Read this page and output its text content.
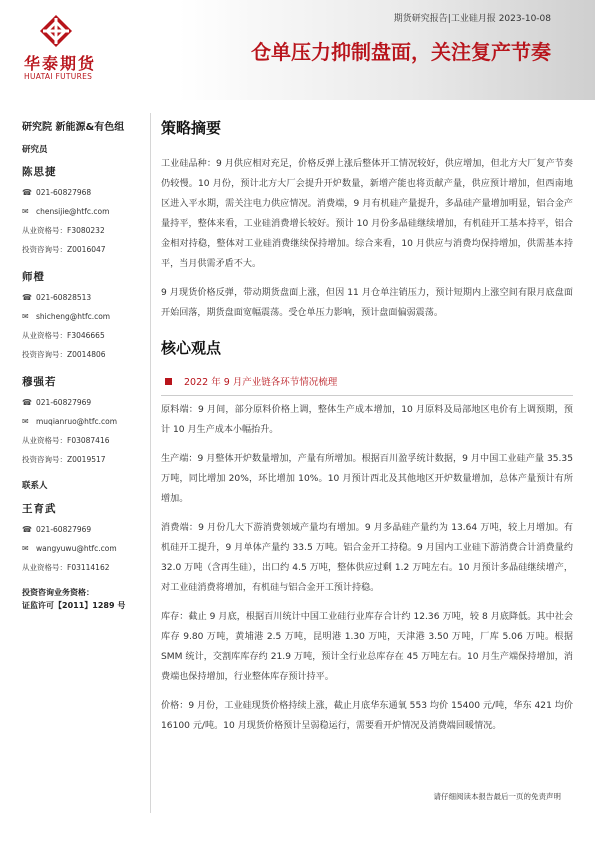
华泰期货
HUATAI FUTURES
期货研究报告|工业硅月报 2023-10-08
仓单压力抑制盘面，关注复产节奏
研究院 新能源&有色组
研究员
陈思捷
☎ 021-60827968
✉ chensijie@htfc.com
从业资格号： F3080232
投资咨询号： Z0016047
师橙
☎ 021-60828513
✉ shicheng@htfc.com
从业资格号： F3046665
投资咨询号： Z0014806
穆强若
☎ 021-60827969
✉ muqianruo@htfc.com
从业资格号： F03087416
投资咨询号： Z0019517
联系人
王育武
☎ 021-60827969
✉ wangyuwu@htfc.com
从业资格号： F03114162
投资咨询业务资格：
证监许可【2011】1289 号
策略摘要

工业硅品种：9 月供应相对充足，价格反弹上涨后整体开工情况较好，供应增加，但北方大厂复产节奏仍较慢。10 月份，预计北方大厂会提升开炉数量，新增产能也将贡献产量，供应预计增加，但西南地区进入平水期，需关注电力供应情况。消费端，9 月有机硅产量提升，多晶硅产量增加明显，铝合金产量持平，整体来看，工业硅消费增长较好。预计 10 月份多晶硅继续增加，有机硅开工基本持平，铝合金相对持稳，整体对工业硅消费继续保持增加。综合来看，10 月供应与消费均保持增加，供需基本持平，当月供需矛盾不大。

9 月现货价格反弹，带动期货盘面上涨，但因 11 月仓单注销压力，预计短期内上涨空间有限月底盘面开始回落，期货盘面宽幅震荡。受仓单压力影响，预计盘面偏弱震荡。

核心观点
2022 年 9 月产业链各环节情况梳理

原料端：9 月间，部分原料价格上调，整体生产成本增加，10 月原料及局部地区电价有上调预期，预计 10 月生产成本小幅抬升。

生产端：9 月整体开炉数量增加，产量有所增加。根据百川盈孚统计数据，9 月中国工业硅产量 35.35 万吨，同比增加 20%，环比增加 10%。10 月预计西北及其他地区开炉数量增加，总体产量预计有所增加。

消费端：9 月份几大下游消费领域产量均有增加。9 月多晶硅产量约为 13.64 万吨，较上月增加。有机硅开工提升，9 月单体产量约 33.5 万吨。铝合金开工持稳。9 月国内工业硅下游消费合计消费量约 32.0 万吨（含再生硅），出口约 4.5 万吨，整体供应过剩 1.2 万吨左右。10 月预计多晶硅继续增产，对工业硅消费将增加，有机硅与铝合金开工预计持稳。

库存：截止 9 月底，根据百川统计中国工业硅行业库存合计约 12.36 万吨，较 8 月底降低。其中社会库存 9.80 万吨，黄埔港 2.5 万吨，昆明港 1.30 万吨，天津港 3.50 万吨，厂库 5.06 万吨。根据 SMM 统计，交割库库存约 21.9 万吨，预计全行业总库存在 45 万吨左右。10 月生产端保持增加，消费端也保持增加，行业整体库存预计持平。

价格：9 月份，工业硅现货价格持续上涨，截止月底华东通氧 553 均价 15400 元/吨，华东 421 均价 16100 元/吨。10 月现货价格预计呈弱稳运行，需要看开炉情况及消费端回暖情况。

请仔细阅读本报告最后一页的免责声明
